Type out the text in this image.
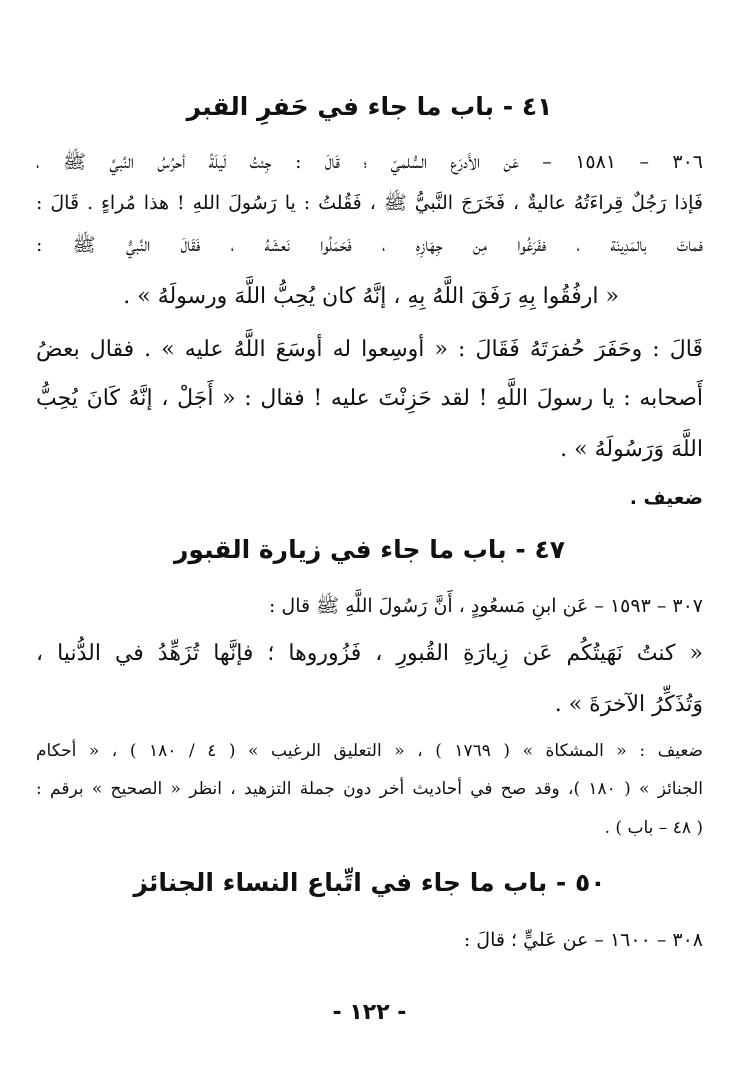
٤١ - باب ما جاء في حَفرِ القبر
٣٠٦ – ١٥٨١ – عَن الأَدرَع السُّلميّ ؛ قَالَ : جِئتُ لَيلَةً أحرُسُ النَّبيَّ ﷺ ،
فَإذا رَجُلٌ قِراءَتُهُ عاليةٌ ، فَخَرَجَ النَّبيُّ ﷺ ، فَقُلتُ : يا رَسُولَ اللهِ ! هذا مُراءٍ . قَالَ :
فماتَ بالمَدِينَة ، ففَرَغُوا مِن جِهَازِهِ ، فَحَمَلُوا نَعشَهُ ، فَقَالَ النَّبيُّ ﷺ :
« ارفُقُوا بِهِ رَفَقَ اللَّهُ بِهِ ، إنَّهُ كان يُحِبُّ اللَّهَ ورسولَهُ » .
قَالَ : وحَفَرَ حُفرَتَهُ فَقَالَ : « أوسِعوا له أوسَعَ اللَّهُ عليه » . فقال بعضُ
أَصحابه : يا رسولَ اللَّهِ ! لقد حَزِنْتَ عليه ! فقال : « أَجَلْ ، إنَّهُ كَانَ يُحِبُّ
اللَّهَ وَرَسُولَهُ » .
ضعيف .
٤٧ - باب ما جاء في زيارة القبور
٣٠٧ – ١٥٩٣ – عَن ابنِ مَسعُودٍ ، أَنَّ رَسُولَ اللَّهِ ﷺ قال :
« كنتُ نَهَيتُكُم عَن زِيارَةِ القُبورِ ، فَزُوروها ؛ فإنَّها تُزَهِّدُ في الدُّنيا ،
وَتُذَكِّرُ الآخرَةَ » .
ضعيف : « المشكاة » ( ١٧٦٩ ) ، « التعليق الرغيب » ( ٤ / ١٨٠ ) ، « أحكام
الجنائز » ( ١٨٠ )، وقد صح في أحاديث أخر دون جملة التزهيد ، انظر « الصحيح » برقم :
( ٤٨ – باب ) .
٥٠ - باب ما جاء في اتِّباع النساء الجنائز
٣٠٨ – ١٦٠٠ – عن عَليٍّ ؛ قالَ :
- ١٢٢ -
